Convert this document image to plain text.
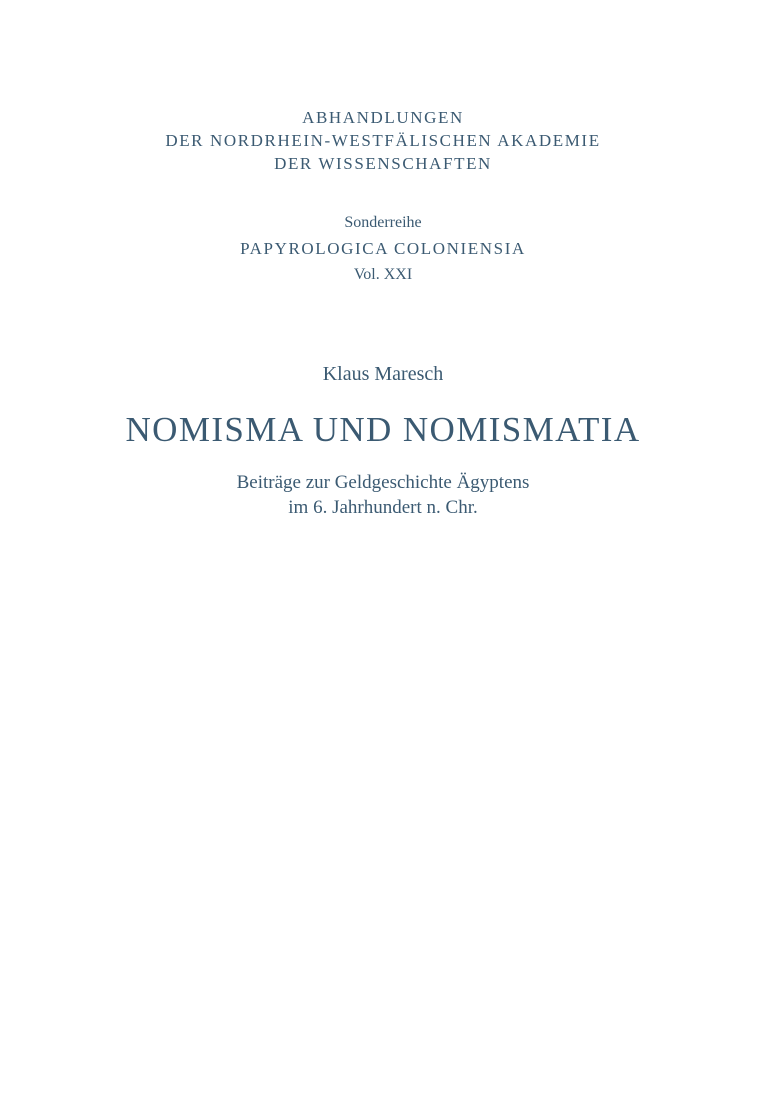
ABHANDLUNGEN
DER NORDRHEIN-WESTFÄLISCHEN AKADEMIE
DER WISSENSCHAFTEN
Sonderreihe
PAPYROLOGICA COLONIENSIA
Vol. XXI
Klaus Maresch
NOMISMA UND NOMISMATIA
Beiträge zur Geldgeschichte Ägyptens
im 6. Jahrhundert n. Chr.
